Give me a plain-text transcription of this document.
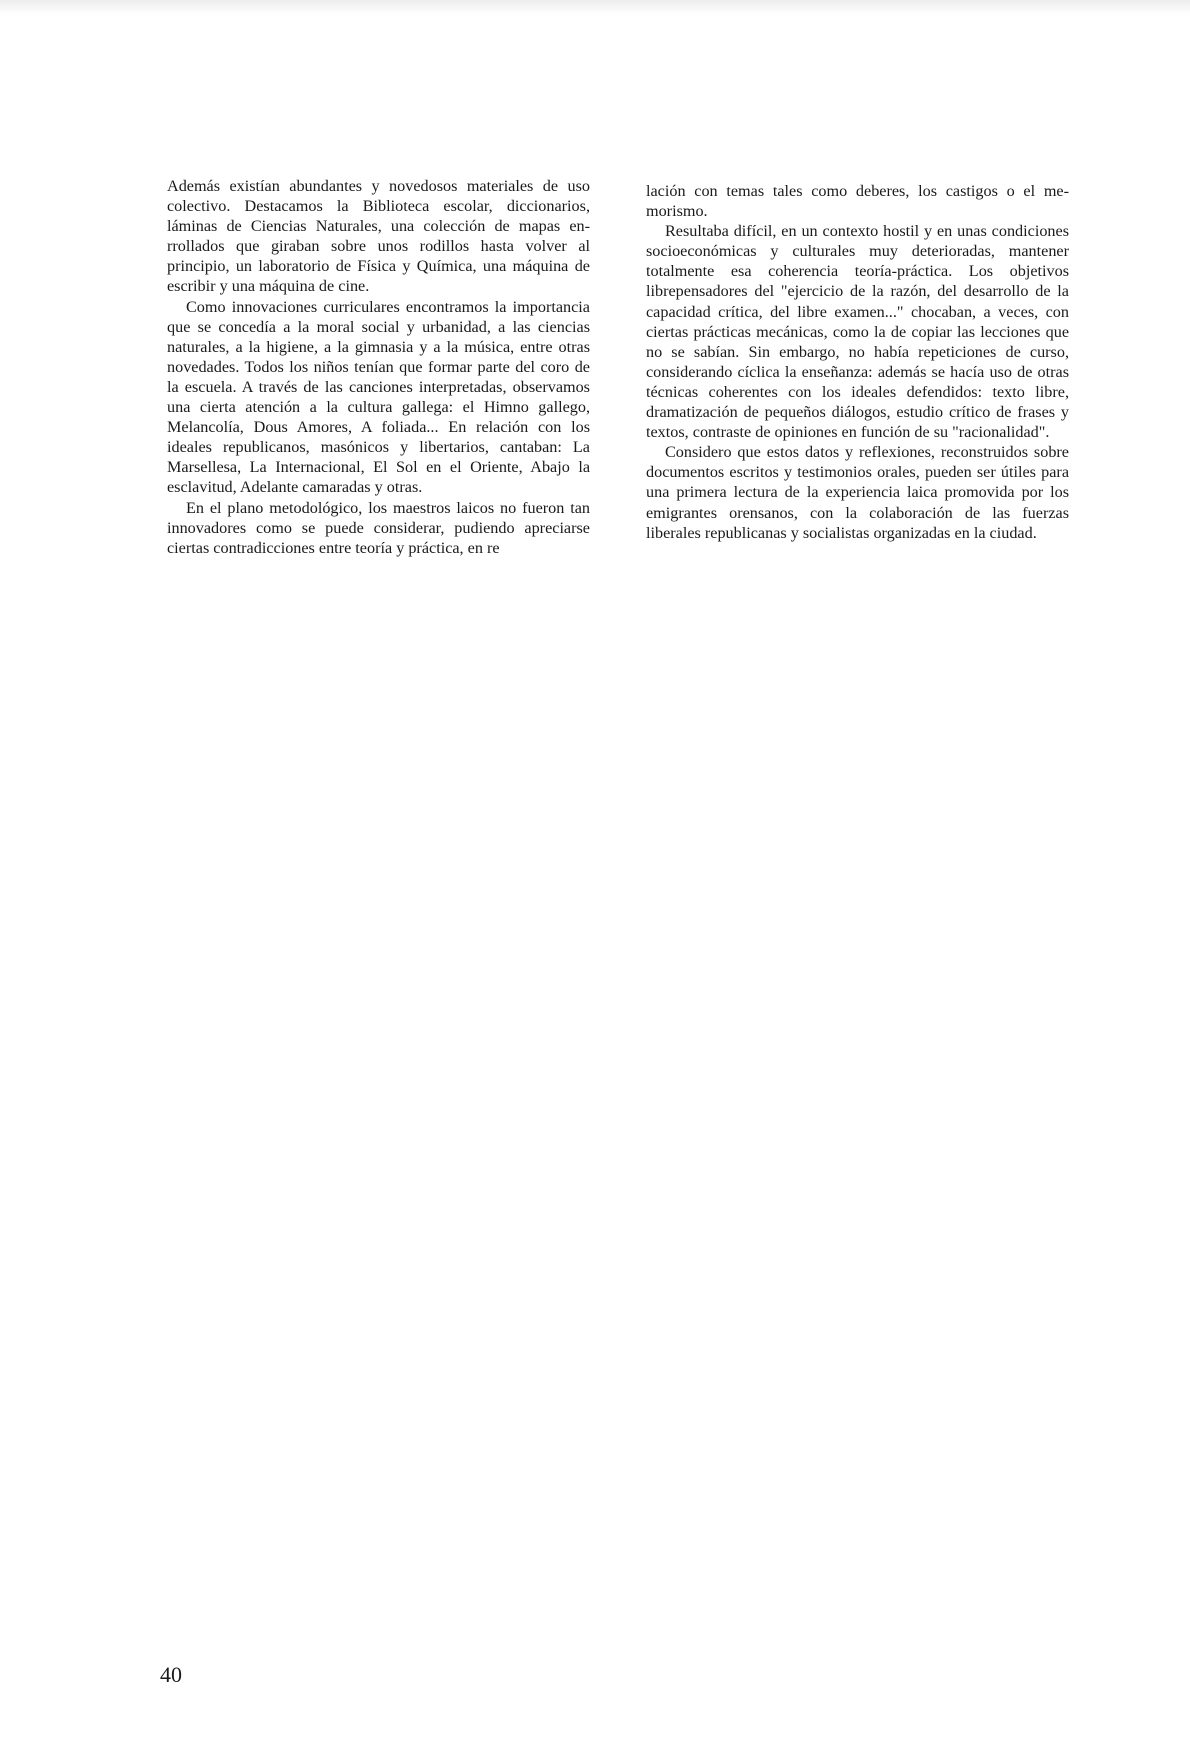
Además existían abundantes y novedosos materiales de uso colectivo. Destacamos la Biblioteca escolar, diccionarios, láminas de Ciencias Naturales, una colección de mapas enrrollados que giraban sobre unos rodillos hasta volver al principio, un laboratorio de Física y Química, una máquina de escribir y una máquina de cine.

Como innovaciones curriculares encontramos la importancia que se concedía a la moral social y urbanidad, a las ciencias naturales, a la higiene, a la gimnasia y a la música, entre otras novedades. Todos los niños tenían que formar parte del coro de la escuela. A través de las canciones interpretadas, observamos una cierta atención a la cultura gallega: el Himno gallego, Melancolía, Dous Amores, A foliada... En relación con los ideales republicanos, masónicos y libertarios, cantaban: La Marsellesa, La Internacional, El Sol en el Oriente, Abajo la esclavitud, Adelante camaradas y otras.

En el plano metodológico, los maestros laicos no fueron tan innovadores como se puede considerar, pudiendo apreciarse ciertas contradicciones entre teoría y práctica, en re

lación con temas tales como deberes, los castigos o el memorismo.

Resultaba difícil, en un contexto hostil y en unas condiciones socioeconómicas y culturales muy deterioradas, mantener totalmente esa coherencia teoría-práctica. Los objetivos librepensadores del "ejercicio de la razón, del desarrollo de la capacidad crítica, del libre examen..." chocaban, a veces, con ciertas prácticas mecánicas, como la de copiar las lecciones que no se sabían. Sin embargo, no había repeticiones de curso, considerando cíclica la enseñanza: además se hacía uso de otras técnicas coherentes con los ideales defendidos: texto libre, dramatización de pequeños diálogos, estudio crítico de frases y textos, contraste de opiniones en función de su "racionalidad".

Considero que estos datos y reflexiones, reconstruidos sobre documentos escritos y testimonios orales, pueden ser útiles para una primera lectura de la experiencia laica promovida por los emigrantes orensanos, con la colaboración de las fuerzas liberales republicanas y socialistas organizadas en la ciudad.

40
